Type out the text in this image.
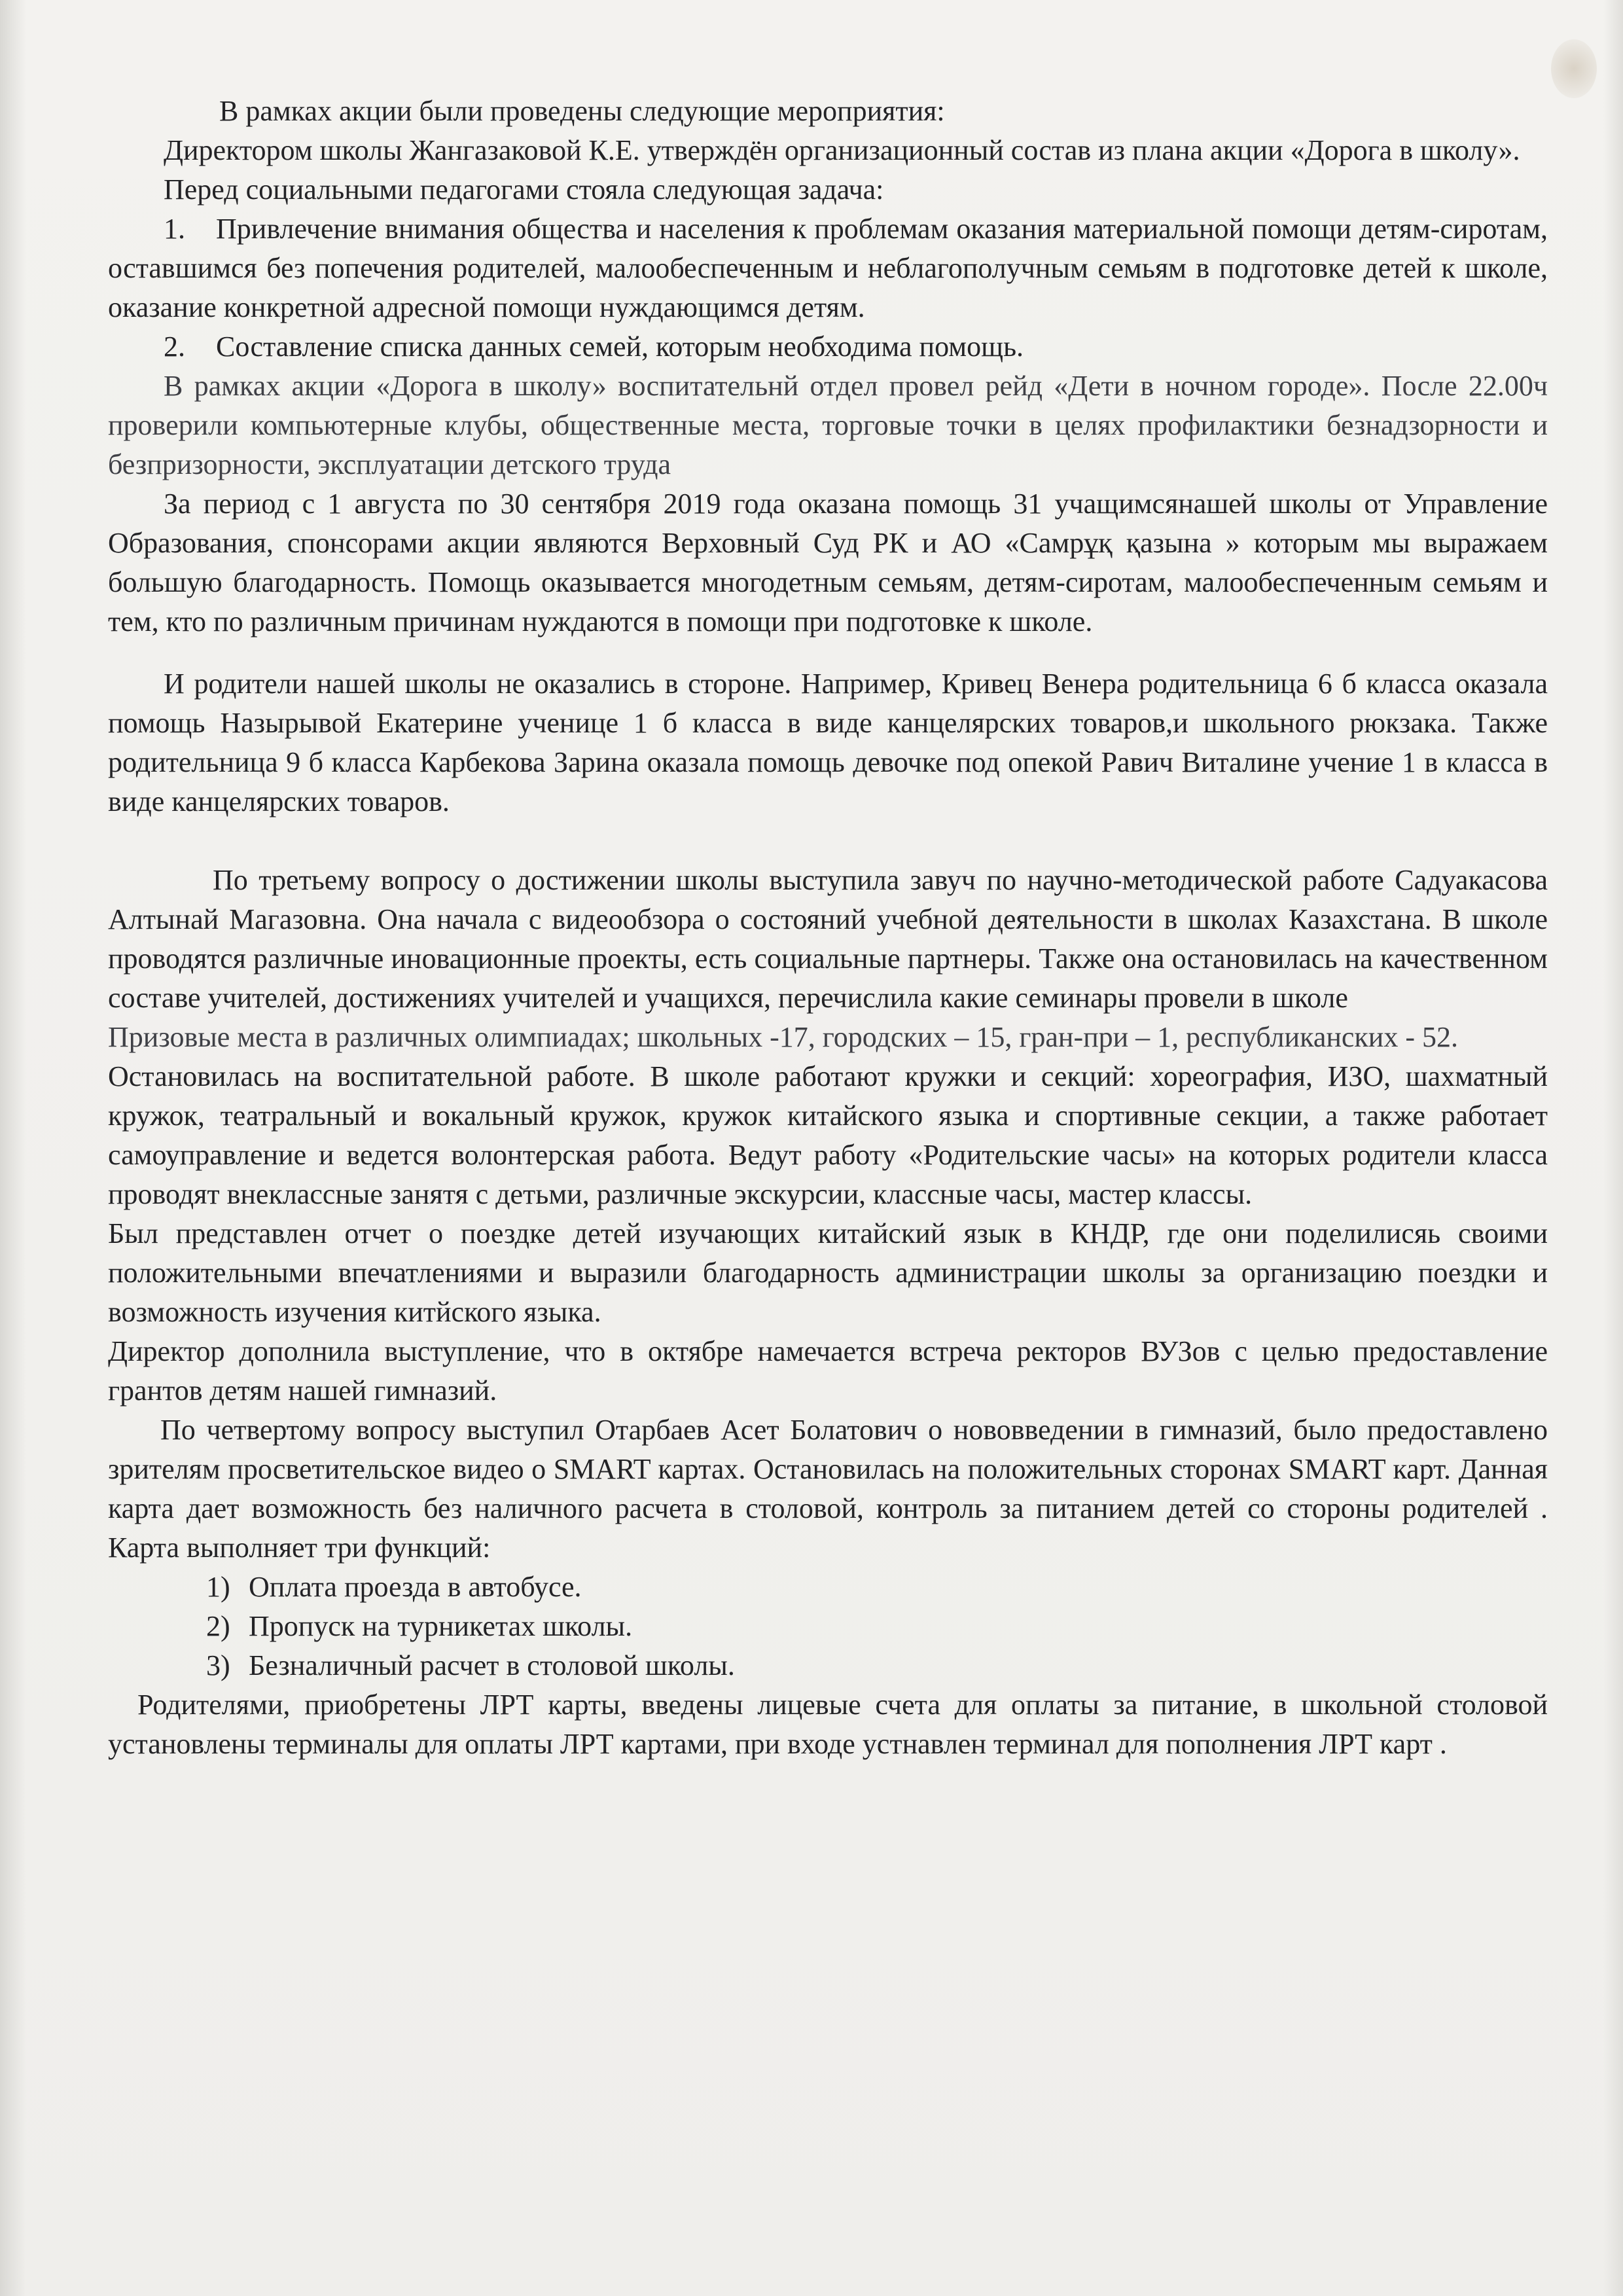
В рамках акции были проведены следующие мероприятия:

Директором школы Жангазаковой К.Е. утверждён организационный состав из плана акции «Дорога в школу».

Перед социальными педагогами стояла следующая задача:

1. Привлечение внимания общества и населения к проблемам оказания материальной помощи детям-сиротам, оставшимся без попечения родителей, малообеспеченным и неблагополучным семьям в подготовке детей к школе, оказание конкретной адресной помощи нуждающимся детям.
2. Составление списка данных семей, которым необходима помощь.

В рамках акции «Дорога в школу» воспитательнй отдел провел рейд «Дети в ночном городе». После 22.00ч проверили компьютерные клубы, общественные места, торговые точки в целях профилактики безнадзорности и безпризорности, эксплуатации детского труда

За период с 1 августа по 30 сентября 2019 года оказана помощь 31 учащимсянашей школы от Управление Образования, спонсорами акции являются Верховный Суд РК и АО «Самрұқ қазына » которым мы выражаем большую благодарность. Помощь оказывается многодетным семьям, детям-сиротам, малообеспеченным семьям и тем, кто по различным причинам нуждаются в помощи при подготовке к школе.

И родители нашей школы не оказались в стороне. Например, Кривец Венера родительница 6 б класса оказала помощь Назырывой Екатерине ученице 1 б класса в виде канцелярских товаров,и школьного рюкзака. Также родительница 9 б класса Карбекова Зарина оказала помощь девочке под опекой Равич Виталине учение 1 в класса в виде канцелярских товаров.

По третьему вопросу о достижении школы выступила завуч по научно-методической работе Садуакасова Алтынай Магазовна. Она начала с видеообзора о состояний учебной деятельности в школах Казахстана. В школе проводятся различные иновационные проекты, есть социальные партнеры. Также она остановилась на качественном составе учителей, достижениях учителей и учащихся, перечислила какие семинары провели в школе

Призовые места в различных олимпиадах; школьных -17, городских – 15, гран-при – 1, республиканских - 52.

Остановилась на воспитательной работе. В школе работают кружки и секций: хореография, ИЗО, шахматный кружок, театральный и вокальный кружок, кружок китайского языка и спортивные секции, а также работает самоуправление и ведется волонтерская работа. Ведут работу «Родительские часы» на которых родители класса проводят внеклассные занятя с детьми, различные экскурсии, классные часы, мастер классы.

Был представлен отчет о поездке детей изучающих китайский язык в КНДР, где они поделилисяь своими положительными впечатлениями и выразили благодарность администрации школы за организацию поездки и возможность изучения китйского языка.

Директор дополнила выступление, что в октябре намечается встреча ректоров ВУЗов с целью предоставление грантов детям нашей гимназий.

По четвертому вопросу выступил Отарбаев Асет Болатович о нововведении в гимназий, было предоставлено зрителям просветительское видео о SMART картах. Остановилась на положительных сторонах SMART карт. Данная карта дает возможность без наличного расчета в столовой, контроль за питанием детей со стороны родителей . Карта выполняет три функций:

1) Оплата проезда в автобусе.
2) Пропуск на турникетах школы.
3) Безналичный расчет в столовой школы.

Родителями, приобретены ЛРТ карты, введены лицевые счета для оплаты за питание, в школьной столовой установлены терминалы для оплаты ЛРТ картами, при входе устнавлен терминал для пополнения ЛРТ карт .
